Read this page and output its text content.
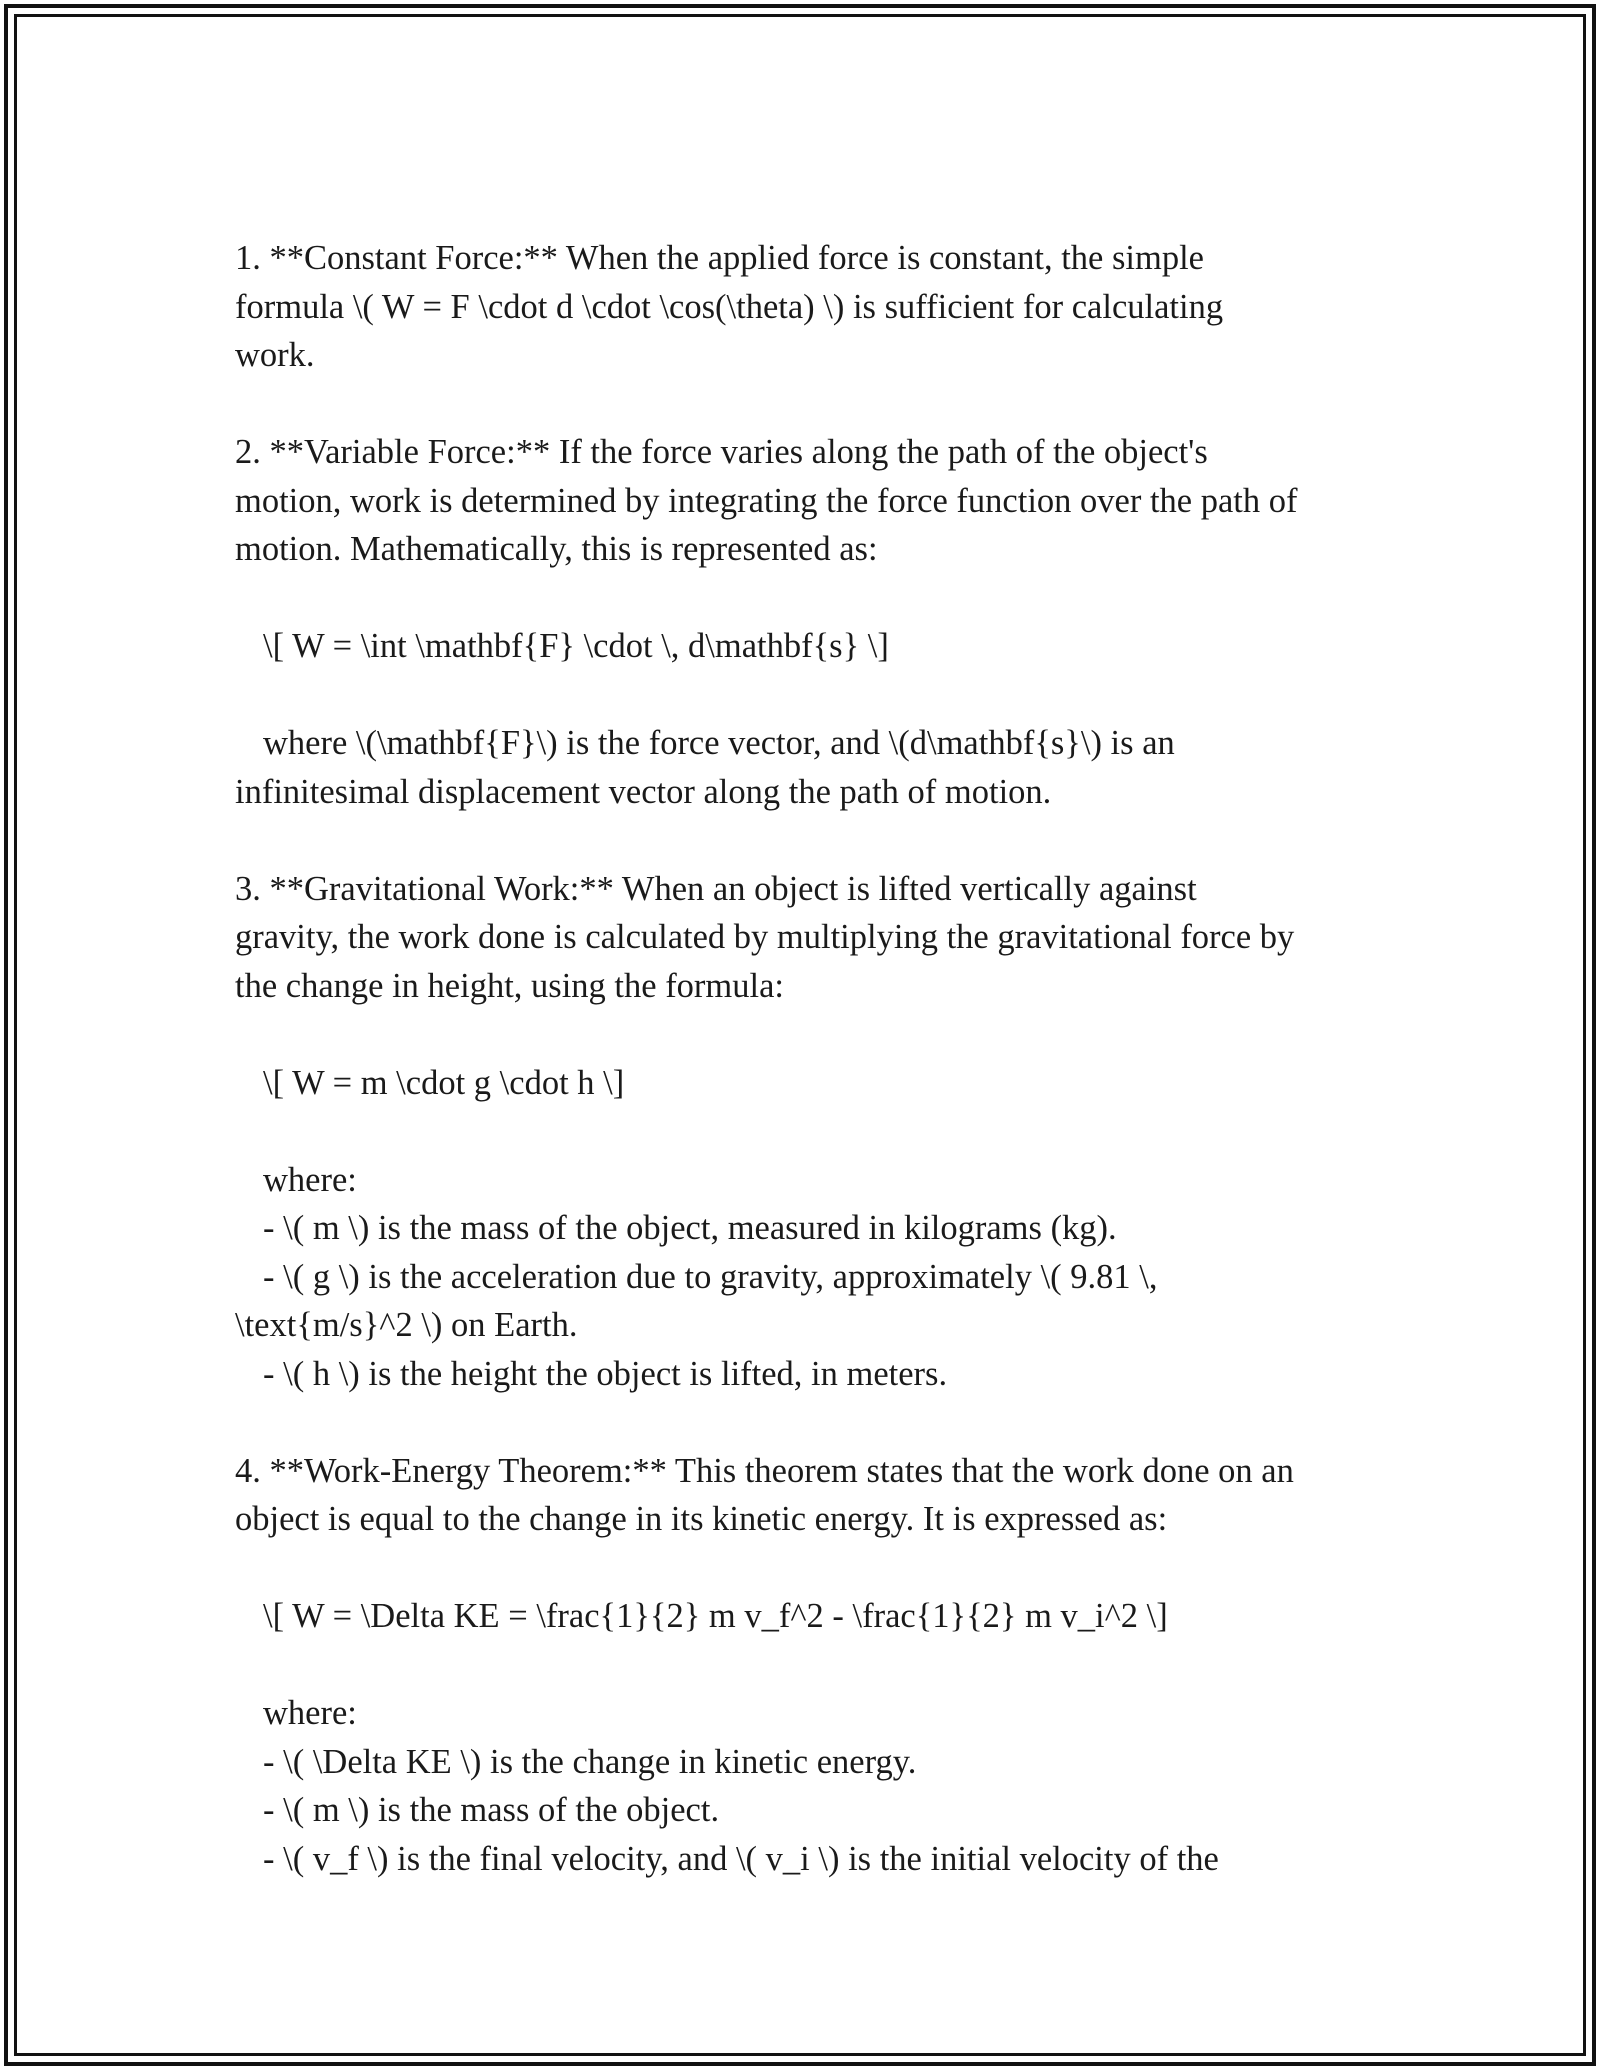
1. **Constant Force:** When the applied force is constant, the simple
formula \( W = F \cdot d \cdot \cos(\theta) \) is sufficient for calculating
work.
2. **Variable Force:** If the force varies along the path of the object's
motion, work is determined by integrating the force function over the path of
motion. Mathematically, this is represented as:
\[ W = \int \mathbf{F} \cdot \, d\mathbf{s} \]
where \(\mathbf{F}\) is the force vector, and \(d\mathbf{s}\) is an
infinitesimal displacement vector along the path of motion.
3. **Gravitational Work:** When an object is lifted vertically against
gravity, the work done is calculated by multiplying the gravitational force by
the change in height, using the formula:
\[ W = m \cdot g \cdot h \]
where:
- \( m \) is the mass of the object, measured in kilograms (kg).
- \( g \) is the acceleration due to gravity, approximately \( 9.81 \,
\text{m/s}^2 \) on Earth.
- \( h \) is the height the object is lifted, in meters.
4. **Work-Energy Theorem:** This theorem states that the work done on an
object is equal to the change in its kinetic energy. It is expressed as:
\[ W = \Delta KE = \frac{1}{2} m v_f^2 - \frac{1}{2} m v_i^2 \]
where:
- \( \Delta KE \) is the change in kinetic energy.
- \( m \) is the mass of the object.
- \( v_f \) is the final velocity, and \( v_i \) is the initial velocity of the
